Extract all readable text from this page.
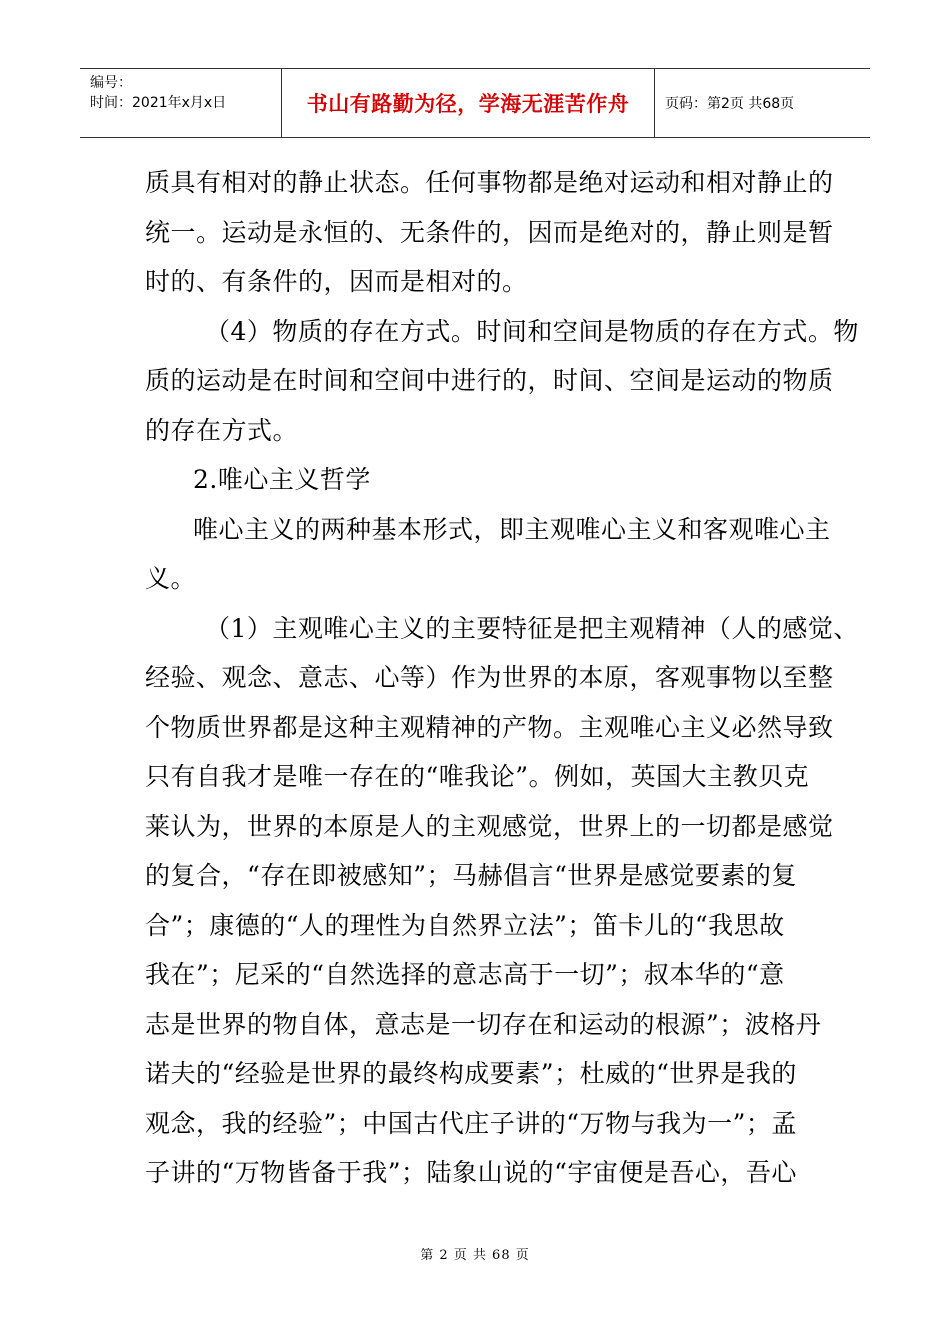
编号：
时间：2021年x月x日	书山有路勤为径，学海无涯苦作舟	页码：第2页 共68页
质具有相对的静止状态。任何事物都是绝对运动和相对静止的
统一。运动是永恒的、无条件的，因而是绝对的，静止则是暂
时的、有条件的，因而是相对的。
（4）物质的存在方式。时间和空间是物质的存在方式。物
质的运动是在时间和空间中进行的，时间、空间是运动的物质
的存在方式。
2.唯心主义哲学
唯心主义的两种基本形式，即主观唯心主义和客观唯心主
义。
（1）主观唯心主义的主要特征是把主观精神（人的感觉、
经验、观念、意志、心等）作为世界的本原，客观事物以至整
个物质世界都是这种主观精神的产物。主观唯心主义必然导致
只有自我才是唯一存在的“唯我论”。例如，英国大主教贝克
莱认为，世界的本原是人的主观感觉，世界上的一切都是感觉
的复合，“存在即被感知”；马赫倡言“世界是感觉要素的复
合”；康德的“人的理性为自然界立法”；笛卡儿的“我思故
我在”；尼采的“自然选择的意志高于一切”；叔本华的“意
志是世界的物自体，意志是一切存在和运动的根源”；波格丹
诺夫的“经验是世界的最终构成要素”；杜威的“世界是我的
观念，我的经验”；中国古代庄子讲的“万物与我为一”；孟
子讲的“万物皆备于我”；陆象山说的“宇宙便是吾心，吾心
第 2 页 共 68 页
